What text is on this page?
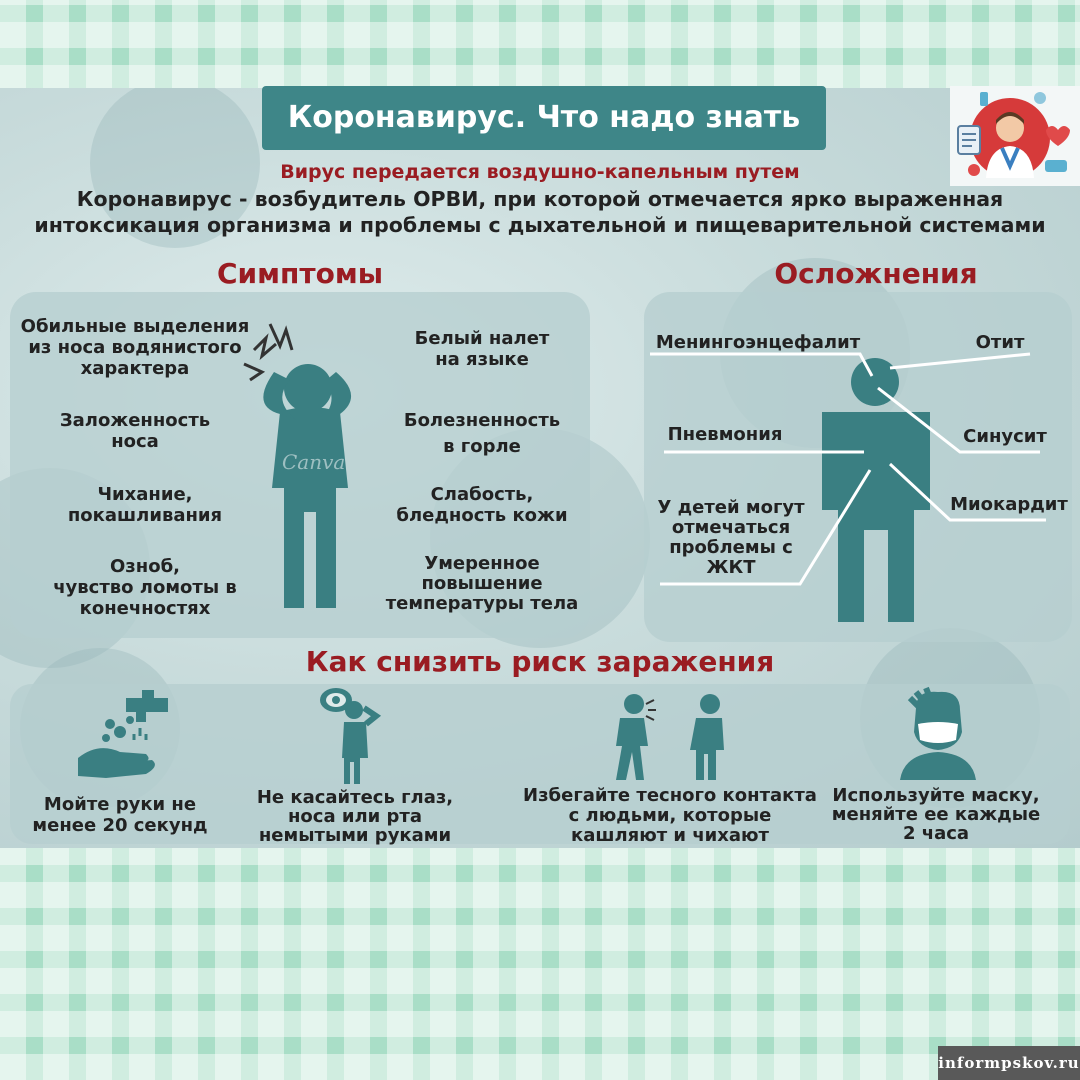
Коронавирус. Что надо знать
Вирус передается воздушно-капельным путем
Коронавирус - возбудитель ОРВИ, при которой отмечается ярко выраженная
интоксикация организма и проблемы с дыхательной и пищеварительной системами
Симптомы	Осложнения
Canva
Обильные выделения
из носа водянистого
характера
Заложенность
носа
Чихание,
покашливания
Озноб,
чувство ломоты в
конечностях
Белый налет
на языке
Болезненность
в горле
Слабость,
бледность кожи
Умеренное
повышение
температуры тела
Менингоэнцефалит	Отит
Пневмония	Синусит
Миокардит
У детей могут
отмечаться
проблемы с
ЖКТ
Как снизить риск заражения
Мойте руки не
менее 20 секунд
Не касайтесь глаз,
носа или рта
немытыми руками
Избегайте тесного контакта
с людьми, которые
кашляют и чихают
Используйте маску,
меняйте ее каждые
2 часа
informpskov.ru
